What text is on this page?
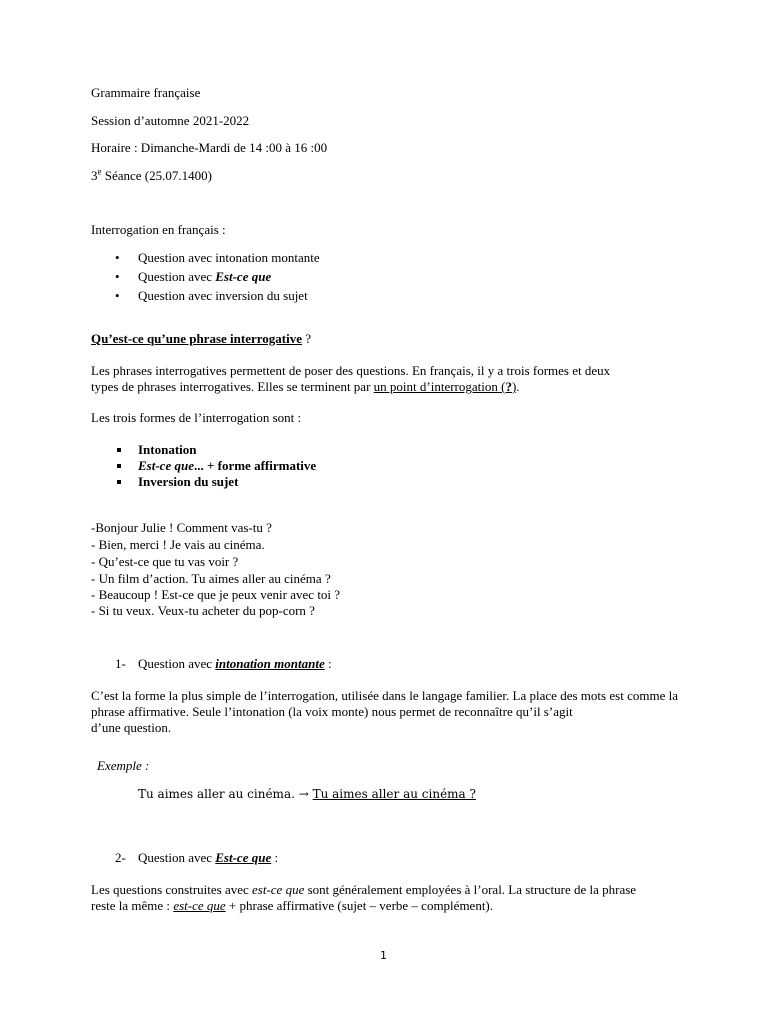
Grammaire française
Session d’automne 2021-2022
Horaire : Dimanche-Mardi de 14 :00 à 16 :00
3e Séance (25.07.1400)
Interrogation en français :
• Question avec intonation montante
• Question avec Est-ce que
• Question avec inversion du sujet
Qu’est-ce qu’une phrase interrogative ?
Les phrases interrogatives permettent de poser des questions. En français, il y a trois formes et deux
types de phrases interrogatives. Elles se terminent par un point d’interrogation (?).
Les trois formes de l’interrogation sont :
Intonation
Est-ce que... + forme affirmative
Inversion du sujet
-Bonjour Julie ! Comment vas-tu ?
- Bien, merci ! Je vais au cinéma.
- Qu’est-ce que tu vas voir ?
- Un film d’action. Tu aimes aller au cinéma ?
- Beaucoup ! Est-ce que je peux venir avec toi ?
- Si tu veux. Veux-tu acheter du pop-corn ?
1- Question avec intonation montante :
C’est la forme la plus simple de l’interrogation, utilisée dans le langage familier. La place des mots est comme la phrase affirmative. Seule l’intonation (la voix monte) nous permet de reconnaître qu’il s’agit
d’une question.
Exemple :
Tu aimes aller au cinéma. → Tu aimes aller au cinéma ?
2- Question avec Est-ce que :
Les questions construites avec est-ce que sont généralement employées à l’oral. La structure de la phrase
reste la même : est-ce que + phrase affirmative (sujet – verbe – complément).
1
